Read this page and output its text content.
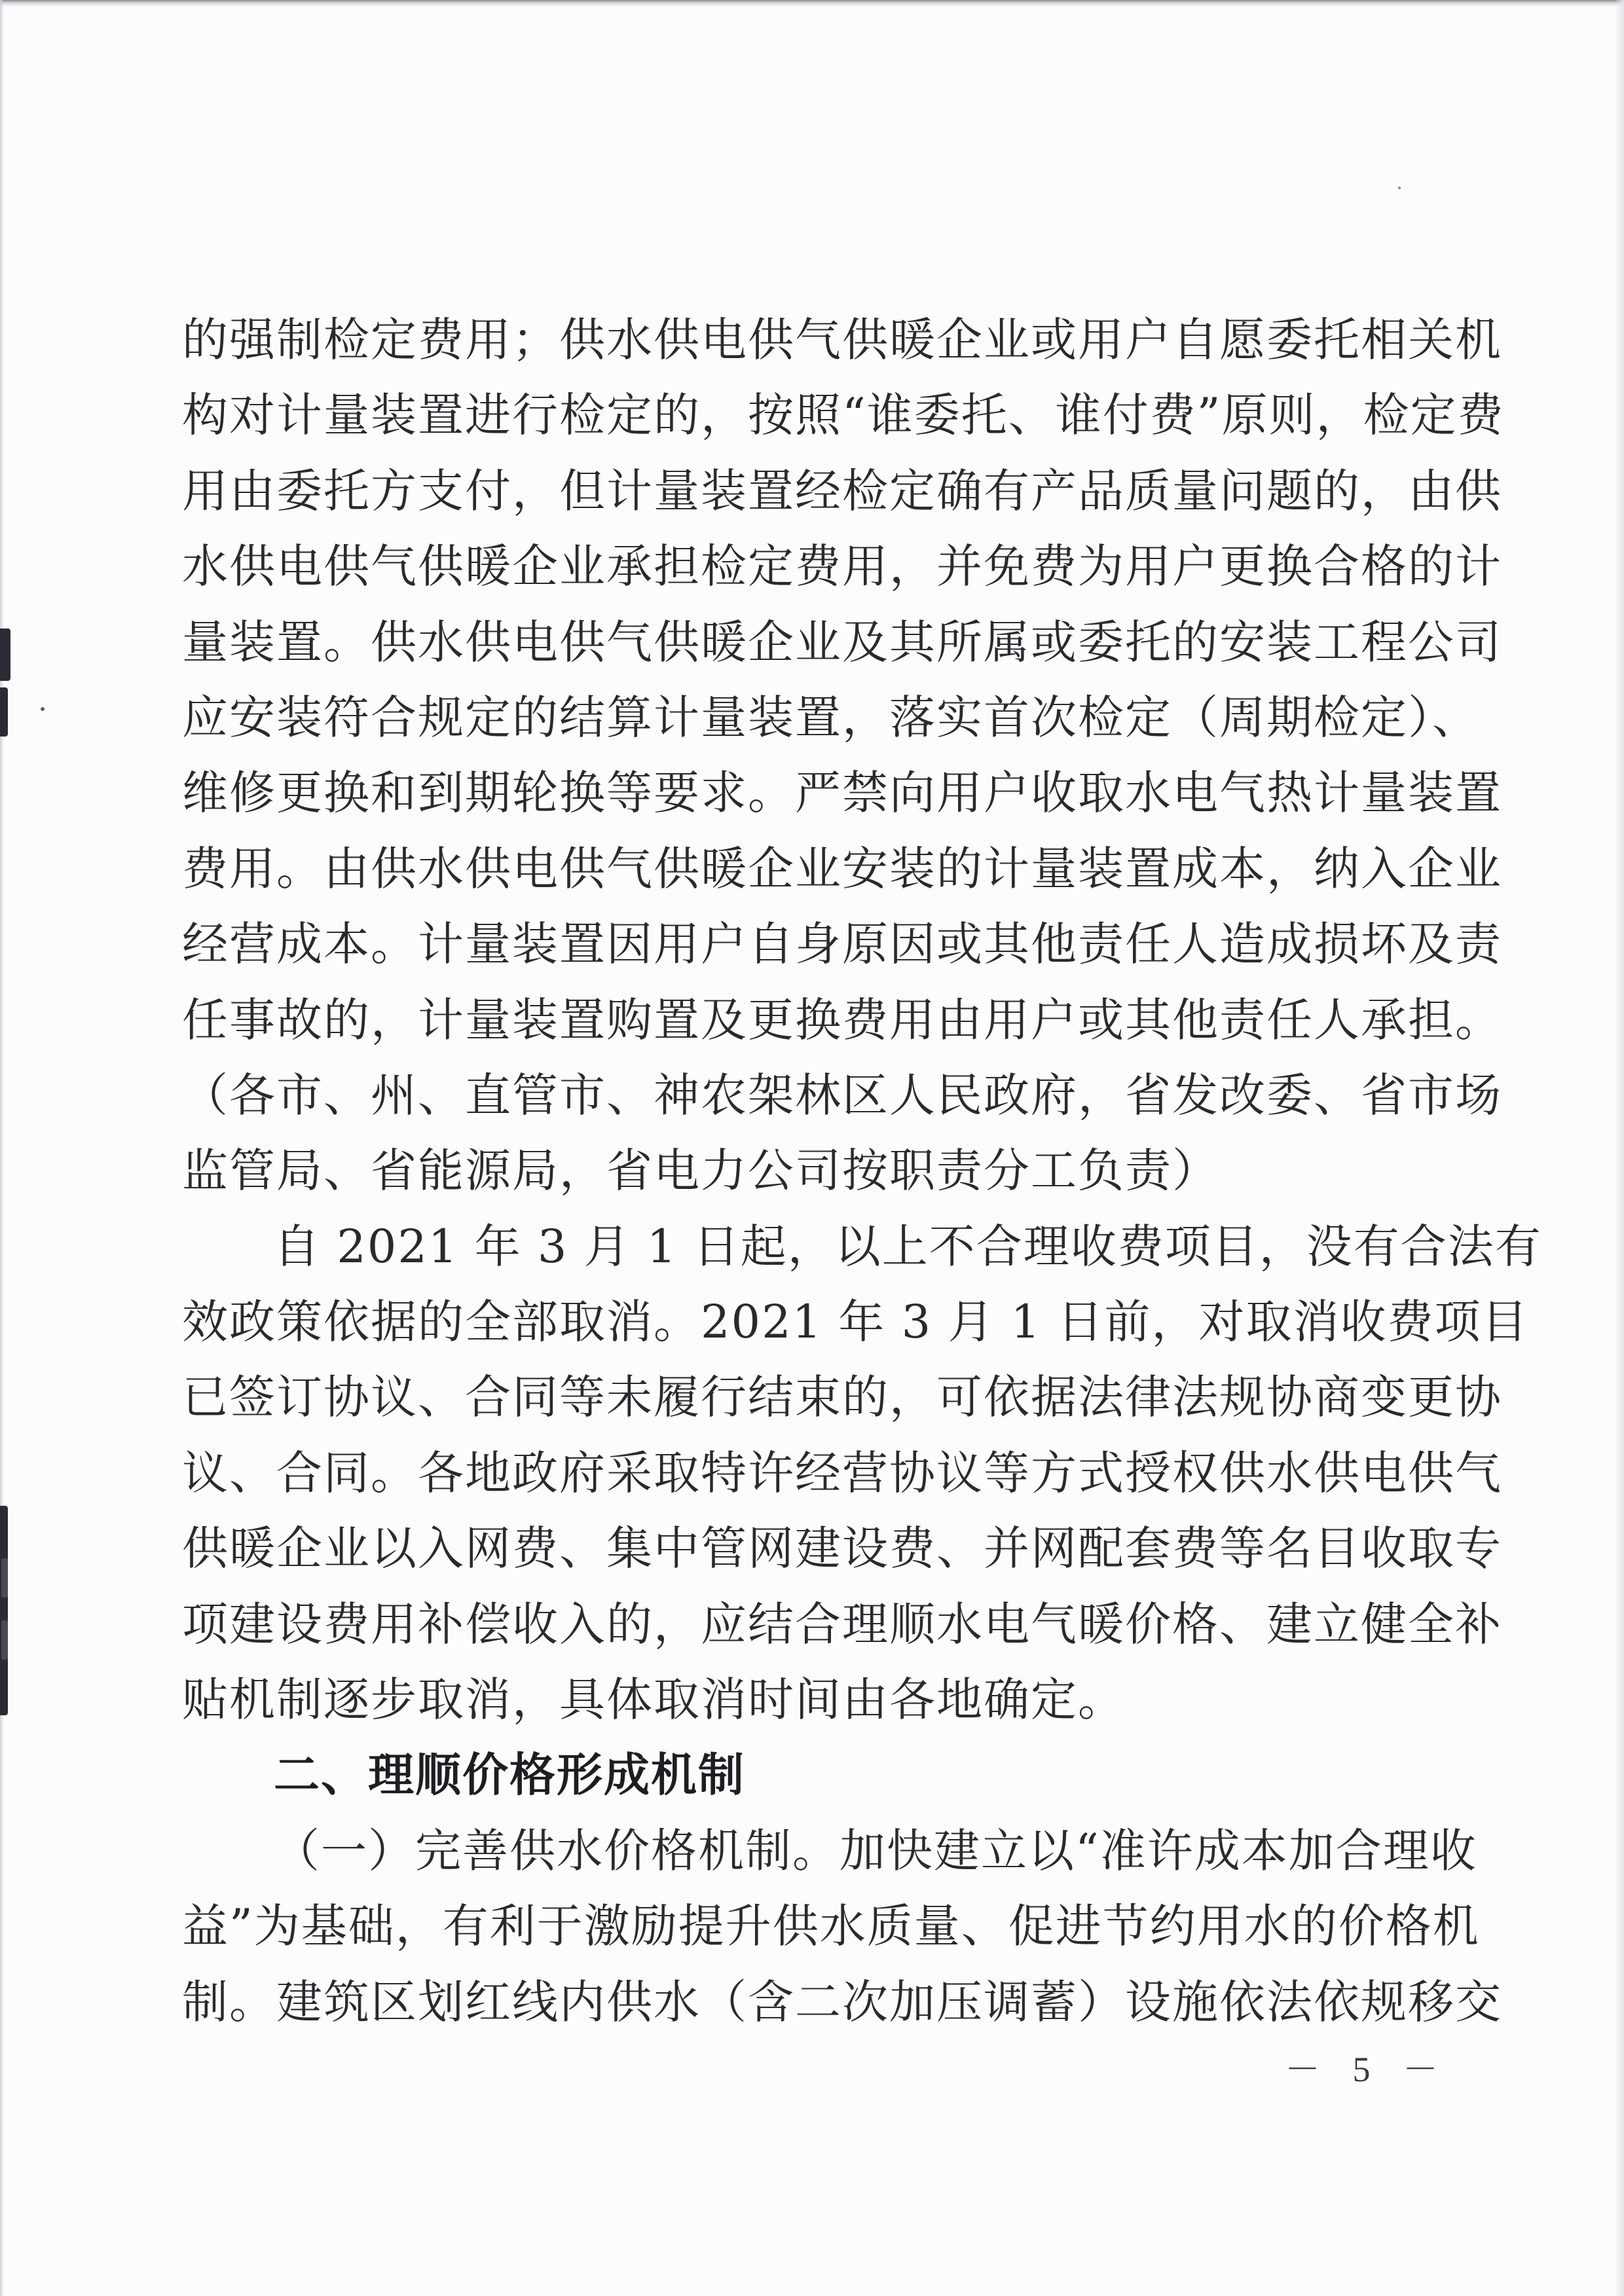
的强制检定费用；供水供电供气供暖企业或用户自愿委托相关机
构对计量装置进行检定的，按照“谁委托、谁付费”原则，检定费
用由委托方支付，但计量装置经检定确有产品质量问题的，由供
水供电供气供暖企业承担检定费用，并免费为用户更换合格的计
量装置。供水供电供气供暖企业及其所属或委托的安装工程公司
应安装符合规定的结算计量装置，落实首次检定（周期检定）、
维修更换和到期轮换等要求。严禁向用户收取水电气热计量装置
费用。由供水供电供气供暖企业安装的计量装置成本，纳入企业
经营成本。计量装置因用户自身原因或其他责任人造成损坏及责
任事故的，计量装置购置及更换费用由用户或其他责任人承担。
（各市、州、直管市、神农架林区人民政府，省发改委、省市场
监管局、省能源局，省电力公司按职责分工负责）
自 2021 年 3 月 1 日起，以上不合理收费项目，没有合法有
效政策依据的全部取消。2021 年 3 月 1 日前，对取消收费项目
已签订协议、合同等未履行结束的，可依据法律法规协商变更协
议、合同。各地政府采取特许经营协议等方式授权供水供电供气
供暖企业以入网费、集中管网建设费、并网配套费等名目收取专
项建设费用补偿收入的，应结合理顺水电气暖价格、建立健全补
贴机制逐步取消，具体取消时间由各地确定。
二、理顺价格形成机制
（一）完善供水价格机制。加快建立以“准许成本加合理收
益”为基础，有利于激励提升供水质量、促进节约用水的价格机
制。建筑区划红线内供水（含二次加压调蓄）设施依法依规移交
－ 5 －
